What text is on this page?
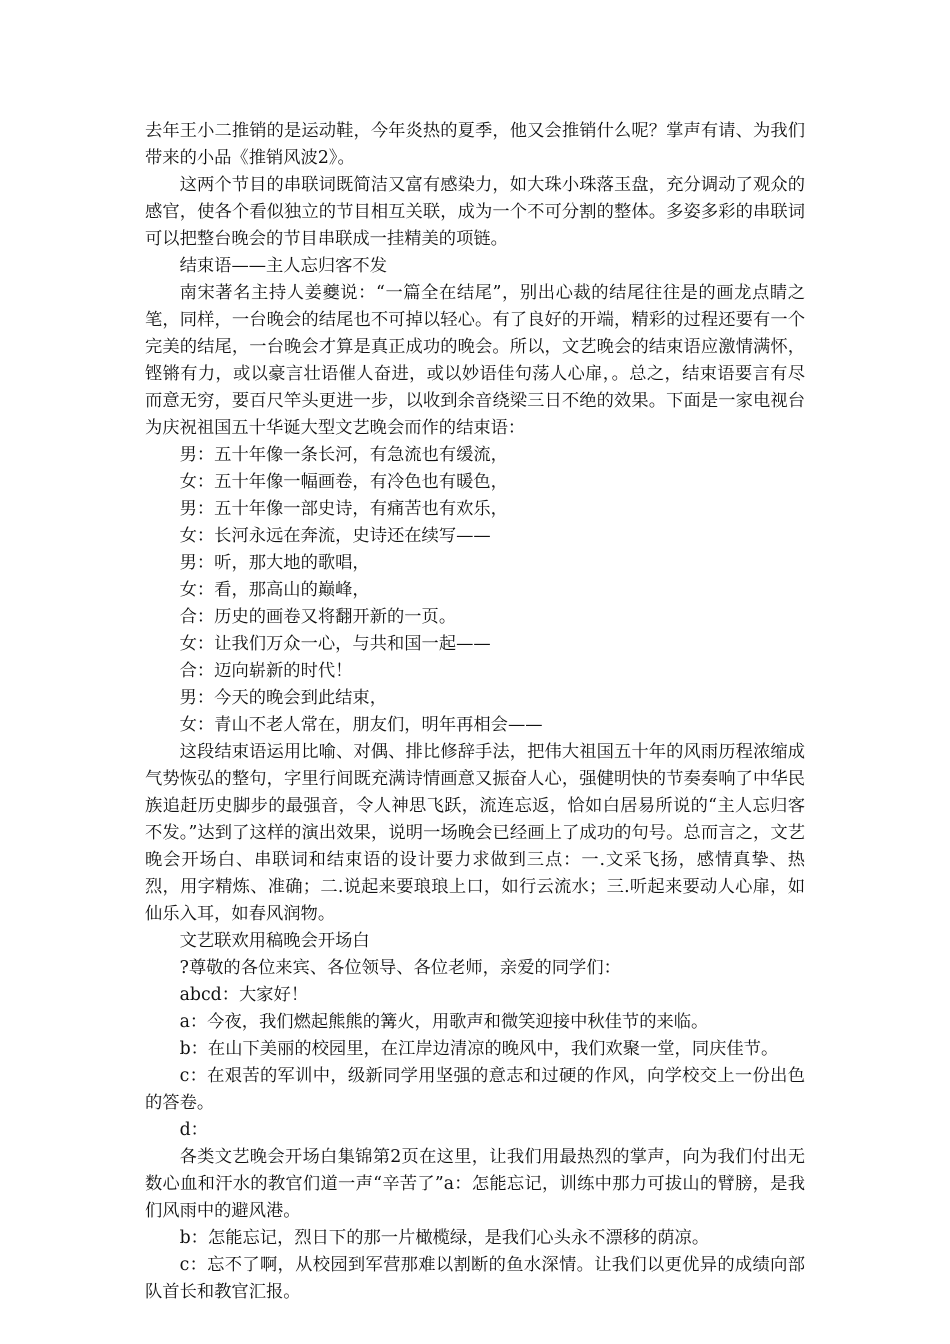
去年王小二推销的是运动鞋，今年炎热的夏季，他又会推销什么呢？掌声有请、为我们带来的小品《推销风波2》。

这两个节目的串联词既简洁又富有感染力，如大珠小珠落玉盘，充分调动了观众的感官，使各个看似独立的节目相互关联，成为一个不可分割的整体。多姿多彩的串联词可以把整台晚会的节目串联成一挂精美的项链。

结束语——主人忘归客不发

南宋著名主持人姜夔说：“一篇全在结尾”，别出心裁的结尾往往是的画龙点睛之笔，同样，一台晚会的结尾也不可掉以轻心。有了良好的开端，精彩的过程还要有一个完美的结尾，一台晚会才算是真正成功的晚会。所以，文艺晚会的结束语应激情满怀，铿锵有力，或以豪言壮语催人奋进，或以妙语佳句荡人心扉，。总之，结束语要言有尽而意无穷，要百尺竿头更进一步，以收到余音绕梁三日不绝的效果。下面是一家电视台为庆祝祖国五十华诞大型文艺晚会而作的结束语：

男：五十年像一条长河，有急流也有缓流，

女：五十年像一幅画卷，有冷色也有暖色，

男：五十年像一部史诗，有痛苦也有欢乐，

女：长河永远在奔流，史诗还在续写——

男：听，那大地的歌唱，

女：看，那高山的巅峰，

合：历史的画卷又将翻开新的一页。

女：让我们万众一心，与共和国一起——

合：迈向崭新的时代！

男：今天的晚会到此结束，

女：青山不老人常在，朋友们，明年再相会——

这段结束语运用比喻、对偶、排比修辞手法，把伟大祖国五十年的风雨历程浓缩成气势恢弘的整句，字里行间既充满诗情画意又振奋人心，强健明快的节奏奏响了中华民族追赶历史脚步的最强音，令人神思飞跃，流连忘返，恰如白居易所说的“主人忘归客不发。”达到了这样的演出效果，说明一场晚会已经画上了成功的句号。总而言之，文艺晚会开场白、串联词和结束语的设计要力求做到三点：一.文采飞扬，感情真挚、热烈，用字精炼、准确；二.说起来要琅琅上口，如行云流水；三.听起来要动人心扉，如仙乐入耳，如春风润物。

文艺联欢用稿晚会开场白

?尊敬的各位来宾、各位领导、各位老师，亲爱的同学们：

abcd：大家好！

a：今夜，我们燃起熊熊的篝火，用歌声和微笑迎接中秋佳节的来临。

b：在山下美丽的校园里，在江岸边清凉的晚风中，我们欢聚一堂，同庆佳节。

c：在艰苦的军训中，级新同学用坚强的意志和过硬的作风，向学校交上一份出色的答卷。

d：

各类文艺晚会开场白集锦第2页在这里，让我们用最热烈的掌声，向为我们付出无数心血和汗水的教官们道一声“辛苦了”a：怎能忘记，训练中那力可拔山的臂膀，是我们风雨中的避风港。

b：怎能忘记，烈日下的那一片橄榄绿，是我们心头永不漂移的荫凉。

c：忘不了啊，从校园到军营那难以割断的鱼水深情。让我们以更优异的成绩向部队首长和教官汇报。
